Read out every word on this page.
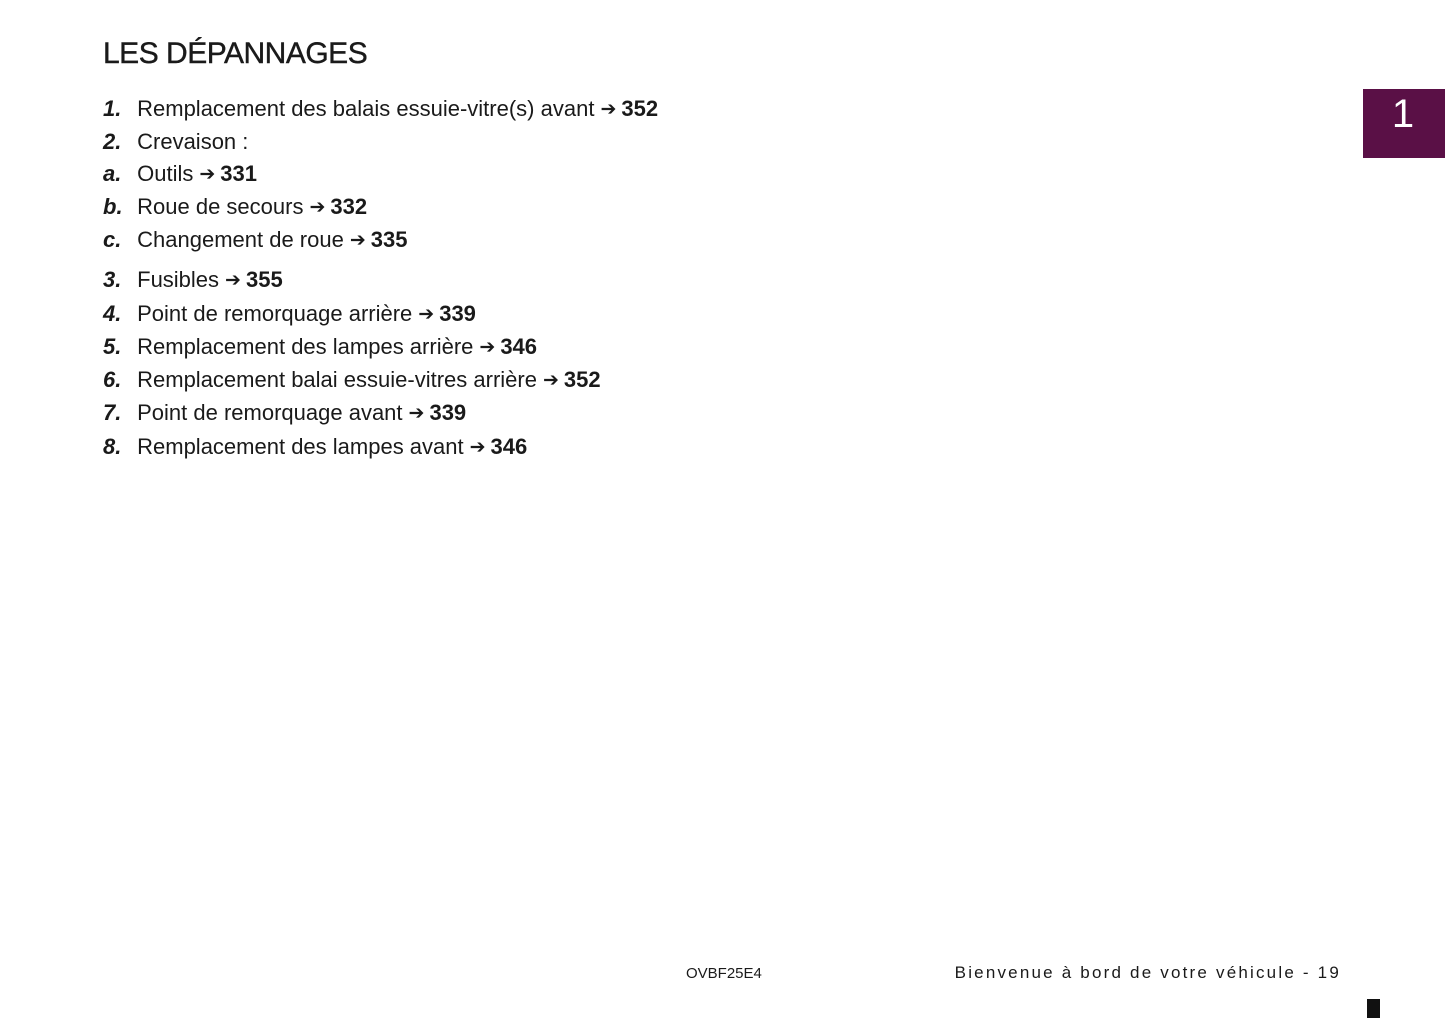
LES DÉPANNAGES
1
1. Remplacement des balais essuie-vitre(s) avant ➔ 352
2. Crevaison :
a. Outils ➔ 331
b. Roue de secours ➔ 332
c. Changement de roue ➔ 335
3. Fusibles ➔ 355
4. Point de remorquage arrière ➔ 339
5. Remplacement des lampes arrière ➔ 346
6. Remplacement balai essuie-vitres arrière ➔ 352
7. Point de remorquage avant ➔ 339
8. Remplacement des lampes avant ➔ 346
OVBF25E4	Bienvenue à bord de votre véhicule - 19
